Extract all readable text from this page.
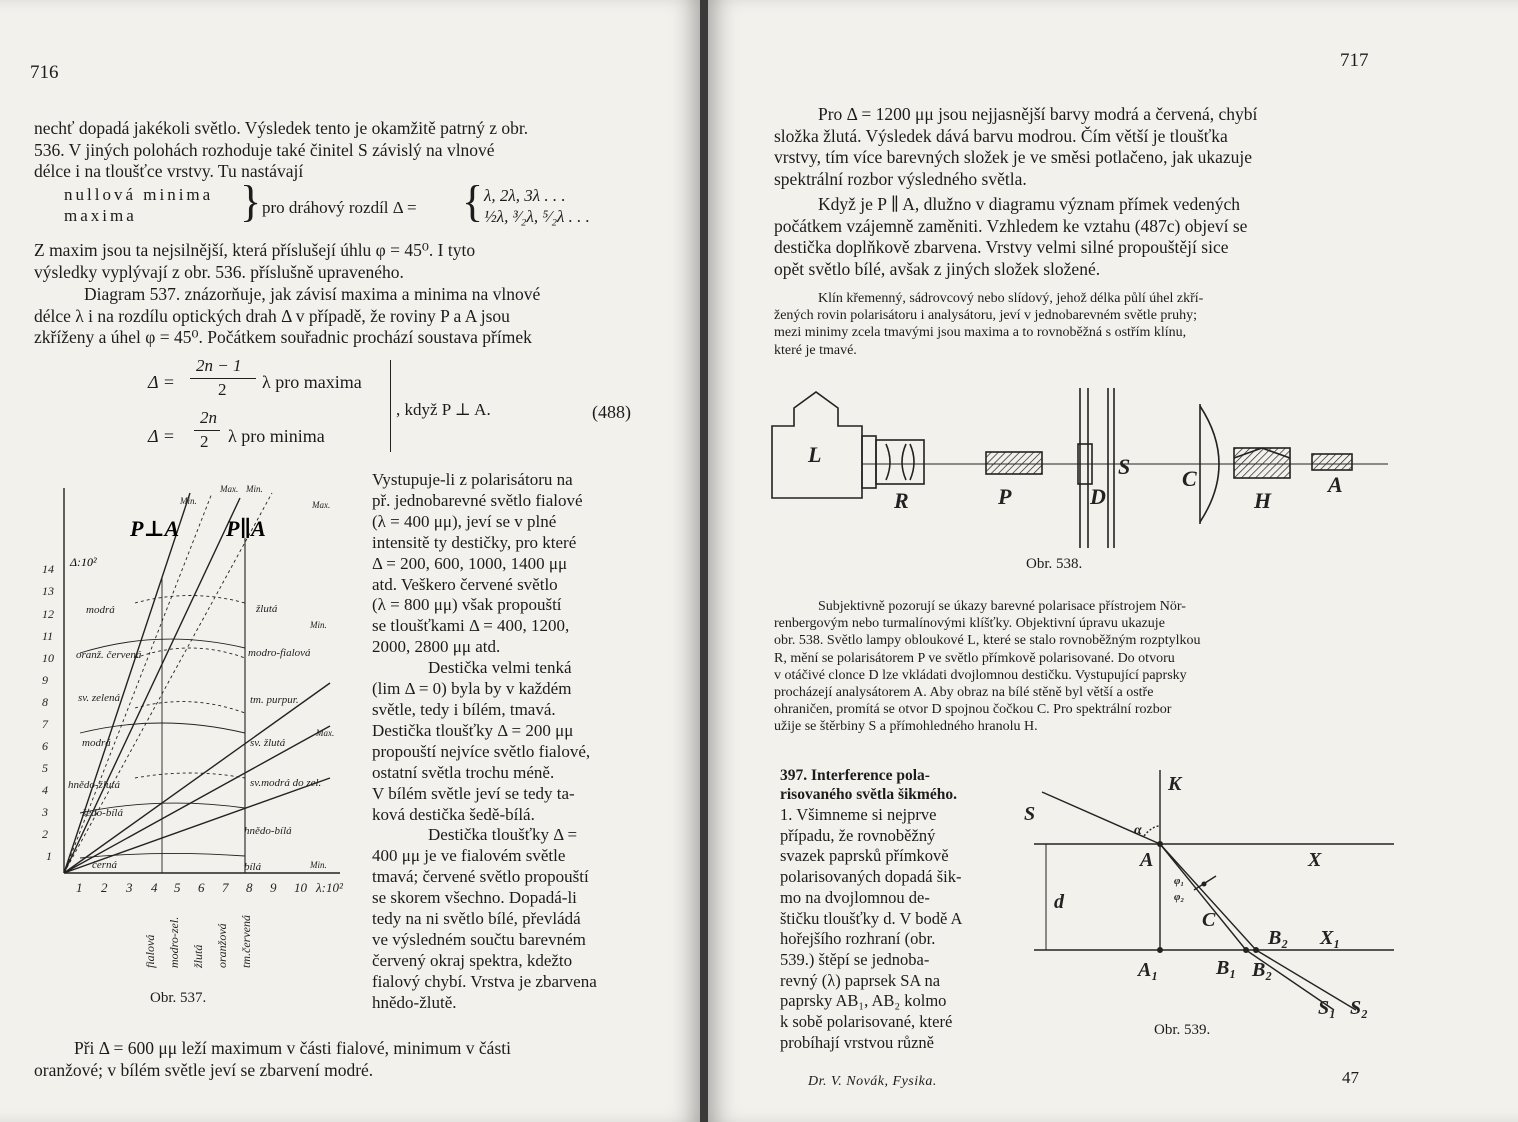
716
nechť dopadá jakékoli světlo. Výsledek tento je okamžitě patrný z obr.
536. V jiných polohách rozhoduje také činitel S závislý na vlnové
délce i na tloušťce vrstvy. Tu nastávají
nullová minima
maxima } pro dráhový rozdíl Δ = { λ, 2λ, 3λ . . .
½λ, ³⁄₂λ, ⁵⁄₂λ . . .
Z maxim jsou ta nejsilnější, která příslušejí úhlu φ = 45⁰. I tyto
výsledky vyplývají z obr. 536. příslušně upraveného.
Diagram 537. znázorňuje, jak závisí maxima a minima na vlnové
délce λ i na rozdílu optických drah Δ v případě, že roviny P a A jsou
zkříženy a úhel φ = 45⁰. Počátkem souřadnic prochází soustava přímek
Δ =
2n − 1
2 λ pro maxima
Δ =
2n
2 λ pro minima
, když P ⊥ A.	(488)
Vystupuje-li z polarisátoru na
př. jednobarevné světlo fialové
(λ = 400 μμ), jeví se v plné
intensitě ty destičky, pro které
Δ = 200, 600, 1000, 1400 μμ
atd. Veškero červené světlo
(λ = 800 μμ) však propouští
se tloušťkami Δ = 400, 1200,
2000, 2800 μμ atd.
Destička velmi tenká
(lim Δ = 0) byla by v každém
světle, tedy i bílém, tmavá.
Destička tloušťky Δ = 200 μμ
propouští nejvíce světlo fialové,
ostatní světla trochu méně.
V bílém světle jeví se tedy ta-
ková destička šedě-bílá.
Destička tloušťky Δ =
400 μμ je ve fialovém světle
tmavá; červené světlo propouští
se skorem všechno. Dopadá-li
tedy na ni světlo bílé, převládá
ve výsledném součtu barevném
červený okraj spektra, kdežto
fialový chybí. Vrstva je zbarvena
hnědo-žlutě.
14
13
12
11
10
9
8
7
6
5
4
3
2
1
1 2 3 4 5 6 7 8 9 10 λ:10²
Δ:10²
P⊥A P∥A
Min.
Max. Min.
Max.
modrá
oranž. červená
sv. zelená
modrá
hnědo-žlutá
šedo-bílá
černá
žlutá
modro-fialová
tm. purpur.
sv. žlutá
sv.modrá do zel.
hnědo-bílá
bílá
Min.
Max.
Min.
fialová modro-zel. žlutá oranžová tm.červená
Obr. 537.
Při Δ = 600 μμ leží maximum v části fialové, minimum v části
oranžové; v bílém světle jeví se zbarvení modré.
717
Pro Δ = 1200 μμ jsou nejjasnější barvy modrá a červená, chybí
složka žlutá. Výsledek dává barvu modrou. Čím větší je tloušťka
vrstvy, tím více barevných složek je ve směsi potlačeno, jak ukazuje
spektrální rozbor výsledného světla.
Když je P ∥ A, dlužno v diagramu význam přímek vedených
počátkem vzájemně zaměniti. Vzhledem ke vztahu (487c) objeví se
destička doplňkově zbarvena. Vrstvy velmi silné propouštějí sice
opět světlo bílé, avšak z jiných složek složené.
Klín křemenný, sádrovcový nebo slídový, jehož délka půlí úhel zkří-
žených rovin polarisátoru i analysátoru, jeví v jednobarevném světle pruhy;
mezi minimy zcela tmavými jsou maxima a to rovnoběžná s ostřím klínu,
které je tmavé.
L
R	P	D
S C
H
A
Obr. 538.
Subjektivně pozorují se úkazy barevné polarisace přístrojem Nör-
renbergovým nebo turmalínovými klíšťky. Objektivní úpravu ukazuje
obr. 538. Světlo lampy obloukové L, které se stalo rovnoběžným rozptylkou
R, mění se polarisátorem P ve světlo přímkově polarisované. Do otvoru
v otáčivé clonce D lze vkládati dvojlomnou destičku. Vystupující paprsky
procházejí analysátorem A. Aby obraz na bílé stěně byl větší a ostře
ohraničen, promítá se otvor D spojnou čočkou C. Pro spektrální rozbor
užije se štěrbiny S a přímohledného hranolu H.
397. Interference pola-
risovaného světla šikmého.
1. Všimneme si nejprve
případu, že rovnoběžný
svazek paprsků přímkově
polarisovaných dopadá šik-
mo na dvojlomnou de-
štičku tloušťky d. V bodě A
hořejšího rozhraní (obr.
539.) štěpí se jednoba-
revný (λ) paprsek SA na
paprsky AB₁, AB₂ kolmo
k sobě polarisované, které
probíhají vrstvou různě
K
S
α
A	X
d
φ₁
φ₂
C
B₂ X₁
A₁	B₁ B₂
S₁ S₂
Obr. 539.
Dr. V. Novák, Fysika.	47
